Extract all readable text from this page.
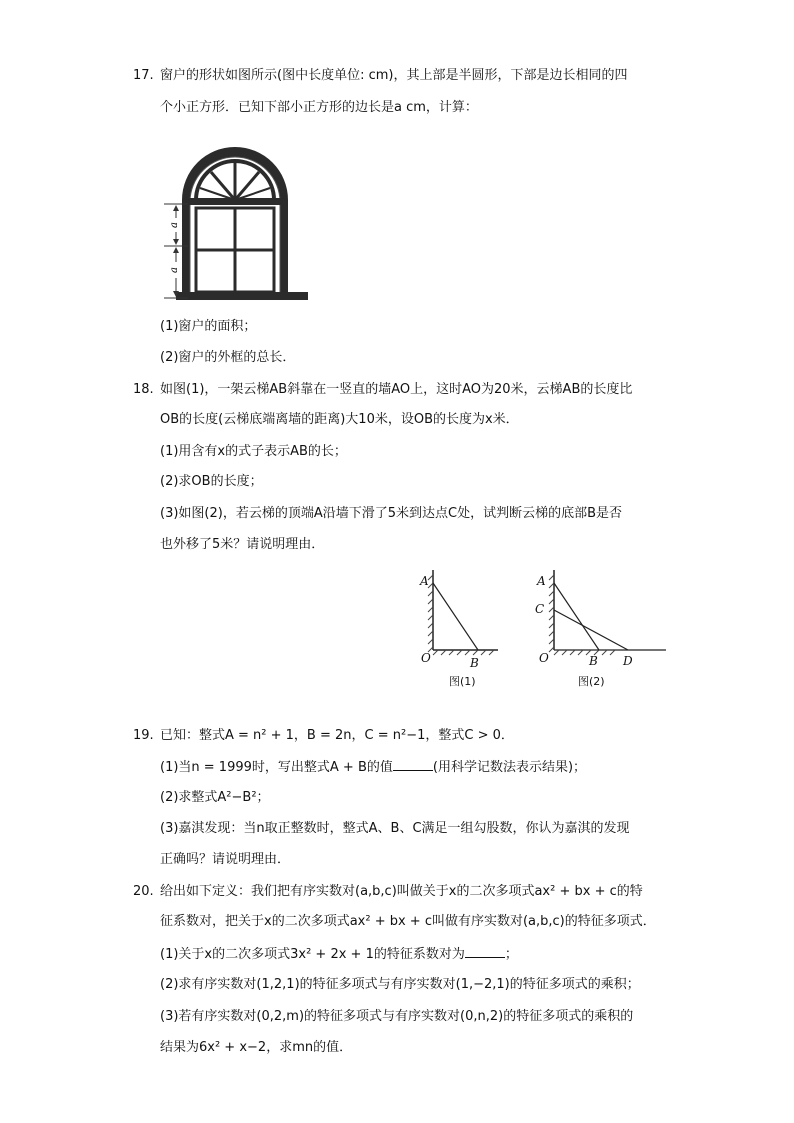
17. 窗户的形状如图所示(图中长度单位: cm)，其上部是半圆形，下部是边长相同的四
个小正方形．已知下部小正方形的边长是a cm，计算：
a
a
(1)窗户的面积；
(2)窗户的外框的总长．
18. 如图(1)，一架云梯AB斜靠在一竖直的墙AO上，这时AO为20米，云梯AB的长度比
OB的长度(云梯底端离墙的距离)大10米，设OB的长度为x米．
(1)用含有x的式子表示AB的长；
(2)求OB的长度；
(3)如图(2)，若云梯的顶端A沿墙下滑了5米到达点C处，试判断云梯的底部B是否
也外移了5米？请说明理由．
A
O	B
图(1)
A
C
O	B D
图(2)
19. 已知：整式A = n² + 1，B = 2n，C = n²−1，整式C > 0．
(1)当n = 1999时，写出整式A + B的值	(用科学记数法表示结果)；
(2)求整式A²−B²；
(3)嘉淇发现：当n取正整数时，整式A、B、C满足一组勾股数，你认为嘉淇的发现
正确吗？请说明理由．
20. 给出如下定义：我们把有序实数对(a,b,c)叫做关于x的二次多项式ax² + bx + c的特
征系数对，把关于x的二次多项式ax² + bx + c叫做有序实数对(a,b,c)的特征多项式．
(1)关于x的二次多项式3x² + 2x + 1的特征系数对为	；
(2)求有序实数对(1,2,1)的特征多项式与有序实数对(1,−2,1)的特征多项式的乘积；
(3)若有序实数对(0,2,m)的特征多项式与有序实数对(0,n,2)的特征多项式的乘积的
结果为6x² + x−2，求mn的值．
